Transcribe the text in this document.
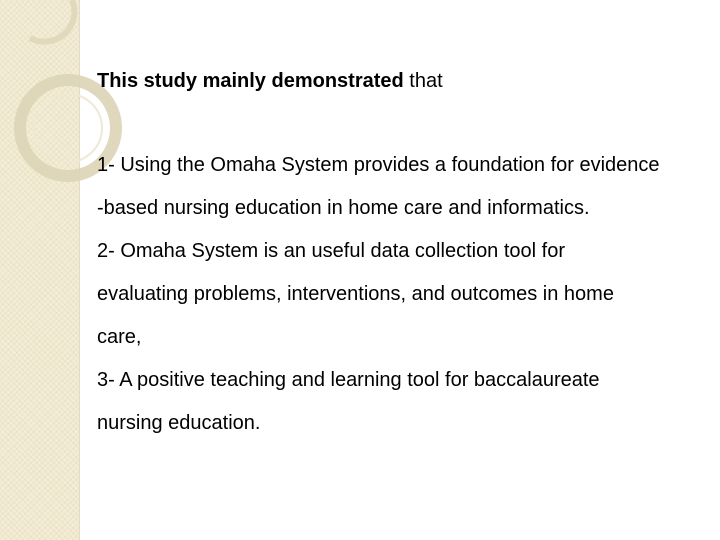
This study mainly demonstrated that

1- Using the Omaha System provides a foundation for evidence
-based nursing education in home care and informatics.

2- Omaha System is an useful data collection tool for
evaluating problems, interventions, and outcomes in home
care,

3- A positive teaching and learning tool for baccalaureate
nursing education.
